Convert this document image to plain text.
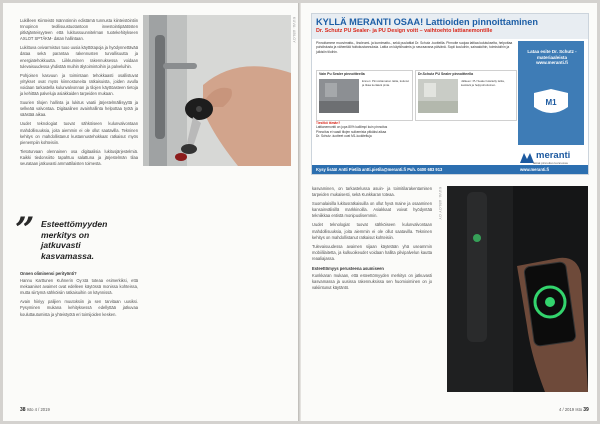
Lukilleen Kiinteistö Isännöinnin edistämä tunnusta kiinteistöintiin Innopinon teollisuustuotantoon investointipäätösten pitkäjänteisyyteen että lukitussuunnitelman tuotekehitykseen AXLOT SPTÄKM- datan hallintaan.

Lukittuva ovivarmistus tuoo uusia käyttötapoja ja hyödynnettävää dataa sekä parantaa rakennusten turvallisuutta ja energiatehokkuutta. Liikkuminen rakennuksessa voidaan tulevaisuudessa yhdistää muihin älytoimintoihin ja palveluihin.

Pohjoisen kasvuun ja toimintaan tehokkaasti osallistuvat yritykset ovat myös kiinnostuneita ratkaisuista, joiden avulla voidaan tarkastella kulunvalvonnan ja tilojen käyttöasteen tietoja ja kehittää palveluja asiakkaiden tarpeiden mukaan.

Suurien tilojen hallinta ja lukitus vaatii järjestelmällisyyttä ja selkeää valvontaa. Digitaalinen avainhallinta helpottaa työtä ja säästää aikaa.

Uudet teknologiat tuovat sähköiseen kulunvalvontaan mahdollisuuksia, joita aiemmin ei ole ollut saatavilla. Tekninen kehitys on mahdollistanut kustannustehokkaat ratkaisut myös pienempiin kohteisiin.

Tietoturvaan olennainen osa digitaalisia lukitusjärjestelmiä. Kaikki tiedonsiirto tapahtuu salattuna ja järjestelmän tilaa seurataan jatkuvasti ammattilaisten toimesta.

KUVA: ABLOY
” Esteettömyyden merkitys on jatkuvasti kasvamassa.

Onnen oliminensi perityönti?

Hannu Karttunen Kuhnerin Oy:stä toteaa esimerkiksi, että mekaaniset avaimet ovat edelleen käytössä monissa kohteissa, mutta siirtymä sähköisiin ratkaisuihin on käynnissä.

Avain hiiriyy palijien muutoksiin ja sen tarvitaan uusiksi. Pysyminen mukana kehityksessä edellyttää jatkuvaa kouluttautumista ja yhteistyötä eri toimijoiden kesken.

38 Isto 4 / 2019
KYLLÄ MERANTI OSAA! Lattioiden pinnoittaminen
Dr. Schutz PU Sealer- ja PU Design voitt – vaihtoehto lattianemontille
Pinnoitamme muovimatto-, linoleumi- ja kumimatto-, sekä puulattiat Dr. Schutz -tuotteilla. Pinnoite suojaa lattiaa kulutukselta, helpottaa puhdistusta ja vähentää hoitokustannuksia. Lattia on käyttövalmis jo seuraavana päivänä. Sopii kouluihin, sairaaloihin, toimistoihin ja julkisiin tiloihin.
Vain Pu Sealer pinnoitteella
Ennen: Pinnoittamaton lattia, kulunut ja likaa keräävä pinta.
Dr.Schutz PU Sealer pinnoitteella
Jälkeen: PU Sealer käsitelty lattia, kestävä ja helppohoitoinen.
Tiesitkö tämän?
Lattianemontti on jopa 80% kalliimpi kuin pinnoitus
Pinnoitus ei vaadi tilojen sulkemista pitkäksi aikaa
Dr. Schutz -tuotteet ovat M1-luokiteltuja
Lataa esite Dr. Schutz -materiaaleista www.meranti.fi
M1
meranti
lattiat pinnoitus kunnossa
Kysy lisää! Antti Pietilä antti.pietila@meranti.fi Puh. 0400 683 913	www.meranti.fi

kasvaminen, on tarkastelussa asuin- ja toimitilarakentamisen tarpeiden mukaisesti, sekä Kunkkaran toteaa.

Suomalaisilla lukitusratkaisuilla on ollut hyvä maine ja osaaminen kansainvälisillä markkinoilla. Asiakkaat voivat hyödyntää tekniikkaa entistä monipuolisemmin.

Uudet teknologiat tuovat sähköiseen kulunvalvontaan mahdollisuuksia, joita aiemmin ei ole ollut saatavilla. Tekninen kehitys on mahdollistanut ratkaisut kohteisiin.

Tulevaisuudessa avaimen sijaan käytetään yhä useammin mobiililaitetta, ja kulkuoikeudet voidaan hallita pilvipalvelun kautta reaaliajassa.

Esteettömyys perusteena asumiseen

Kunkkaran mukaan, että esteettömyyden merkitys on jatkuvasti kasvamassa ja uusissa rakennuksissa sen huomioiminen on jo vakiintunut käytäntö.

KUVA: ABLOY OY
4 / 2019 Isto 39
